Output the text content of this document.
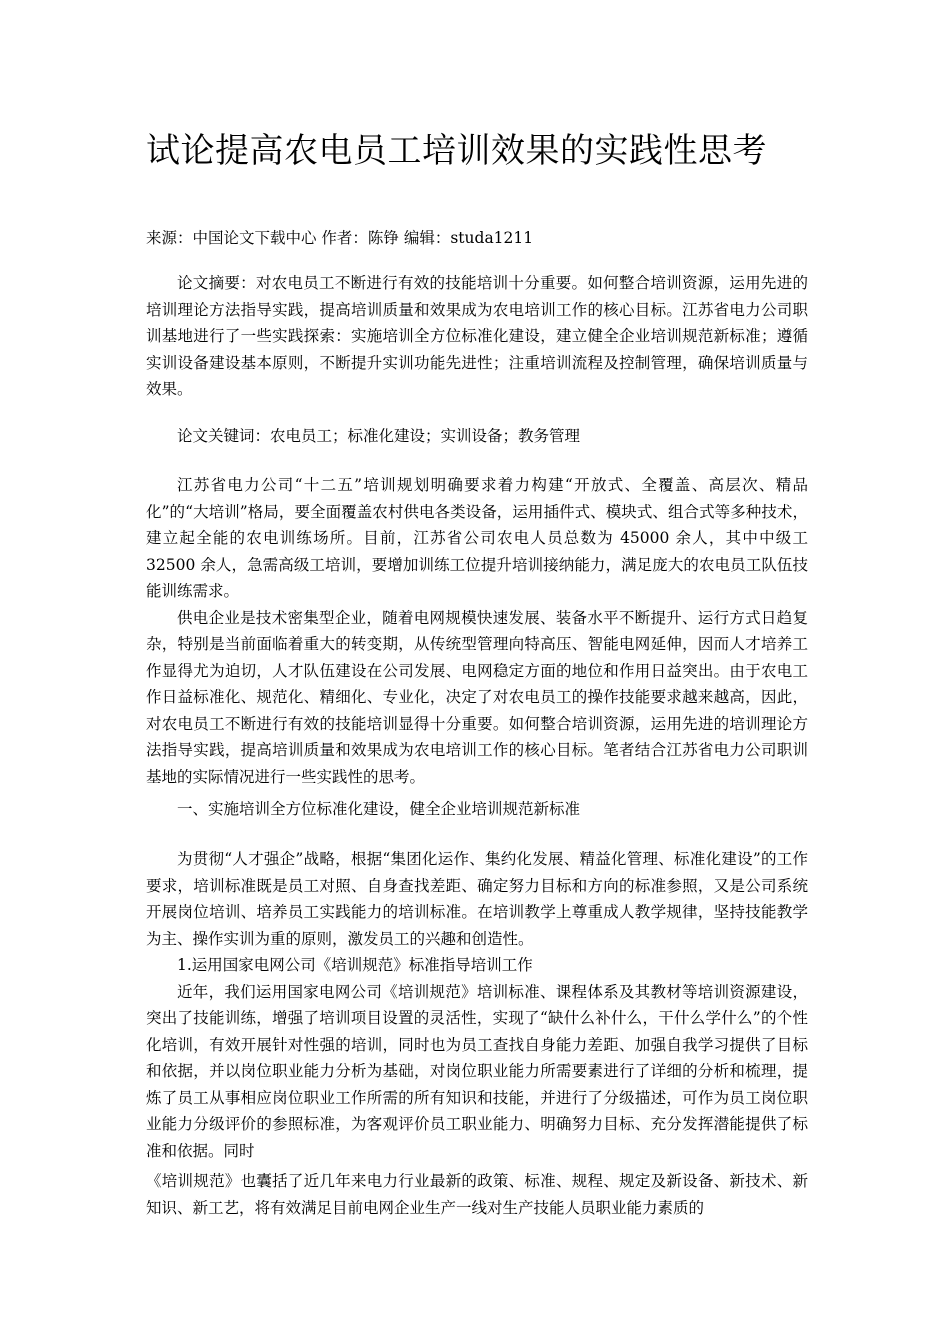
试论提高农电员工培训效果的实践性思考
来源：中国论文下载中心 作者：陈铮 编辑：studa1211

论文摘要：对农电员工不断进行有效的技能培训十分重要。如何整合培训资源，运用先进的培训理论方法指导实践，提高培训质量和效果成为农电培训工作的核心目标。江苏省电力公司职训基地进行了一些实践探索：实施培训全方位标准化建设，建立健全企业培训规范新标准；遵循实训设备建设基本原则，不断提升实训功能先进性；注重培训流程及控制管理，确保培训质量与效果。

论文关键词：农电员工；标准化建设；实训设备；教务管理

江苏省电力公司“十二五”培训规划明确要求着力构建“开放式、全覆盖、高层次、精品化”的“大培训”格局，要全面覆盖农村供电各类设备，运用插件式、模块式、组合式等多种技术，建立起全能的农电训练场所。目前，江苏省公司农电人员总数为 45000 余人，其中中级工 32500 余人，急需高级工培训，要增加训练工位提升培训接纳能力，满足庞大的农电员工队伍技能训练需求。

供电企业是技术密集型企业，随着电网规模快速发展、装备水平不断提升、运行方式日趋复杂，特别是当前面临着重大的转变期，从传统型管理向特高压、智能电网延伸，因而人才培养工作显得尤为迫切，人才队伍建设在公司发展、电网稳定方面的地位和作用日益突出。由于农电工作日益标准化、规范化、精细化、专业化，决定了对农电员工的操作技能要求越来越高，因此，对农电员工不断进行有效的技能培训显得十分重要。如何整合培训资源，运用先进的培训理论方法指导实践，提高培训质量和效果成为农电培训工作的核心目标。笔者结合江苏省电力公司职训基地的实际情况进行一些实践性的思考。

一、实施培训全方位标准化建设，健全企业培训规范新标准

为贯彻“人才强企”战略，根据“集团化运作、集约化发展、精益化管理、标准化建设”的工作要求，培训标准既是员工对照、自身查找差距、确定努力目标和方向的标准参照，又是公司系统开展岗位培训、培养员工实践能力的培训标准。在培训教学上尊重成人教学规律，坚持技能教学为主、操作实训为重的原则，激发员工的兴趣和创造性。

1.运用国家电网公司《培训规范》标准指导培训工作

近年，我们运用国家电网公司《培训规范》培训标准、课程体系及其教材等培训资源建设，突出了技能训练，增强了培训项目设置的灵活性，实现了“缺什么补什么，干什么学什么”的个性化培训，有效开展针对性强的培训，同时也为员工查找自身能力差距、加强自我学习提供了目标和依据，并以岗位职业能力分析为基础，对岗位职业能力所需要素进行了详细的分析和梳理，提炼了员工从事相应岗位职业工作所需的所有知识和技能，并进行了分级描述，可作为员工岗位职业能力分级评价的参照标准，为客观评价员工职业能力、明确努力目标、充分发挥潜能提供了标准和依据。同时

《培训规范》也囊括了近几年来电力行业最新的政策、标准、规程、规定及新设备、新技术、新知识、新工艺，将有效满足目前电网企业生产一线对生产技能人员职业能力素质的
